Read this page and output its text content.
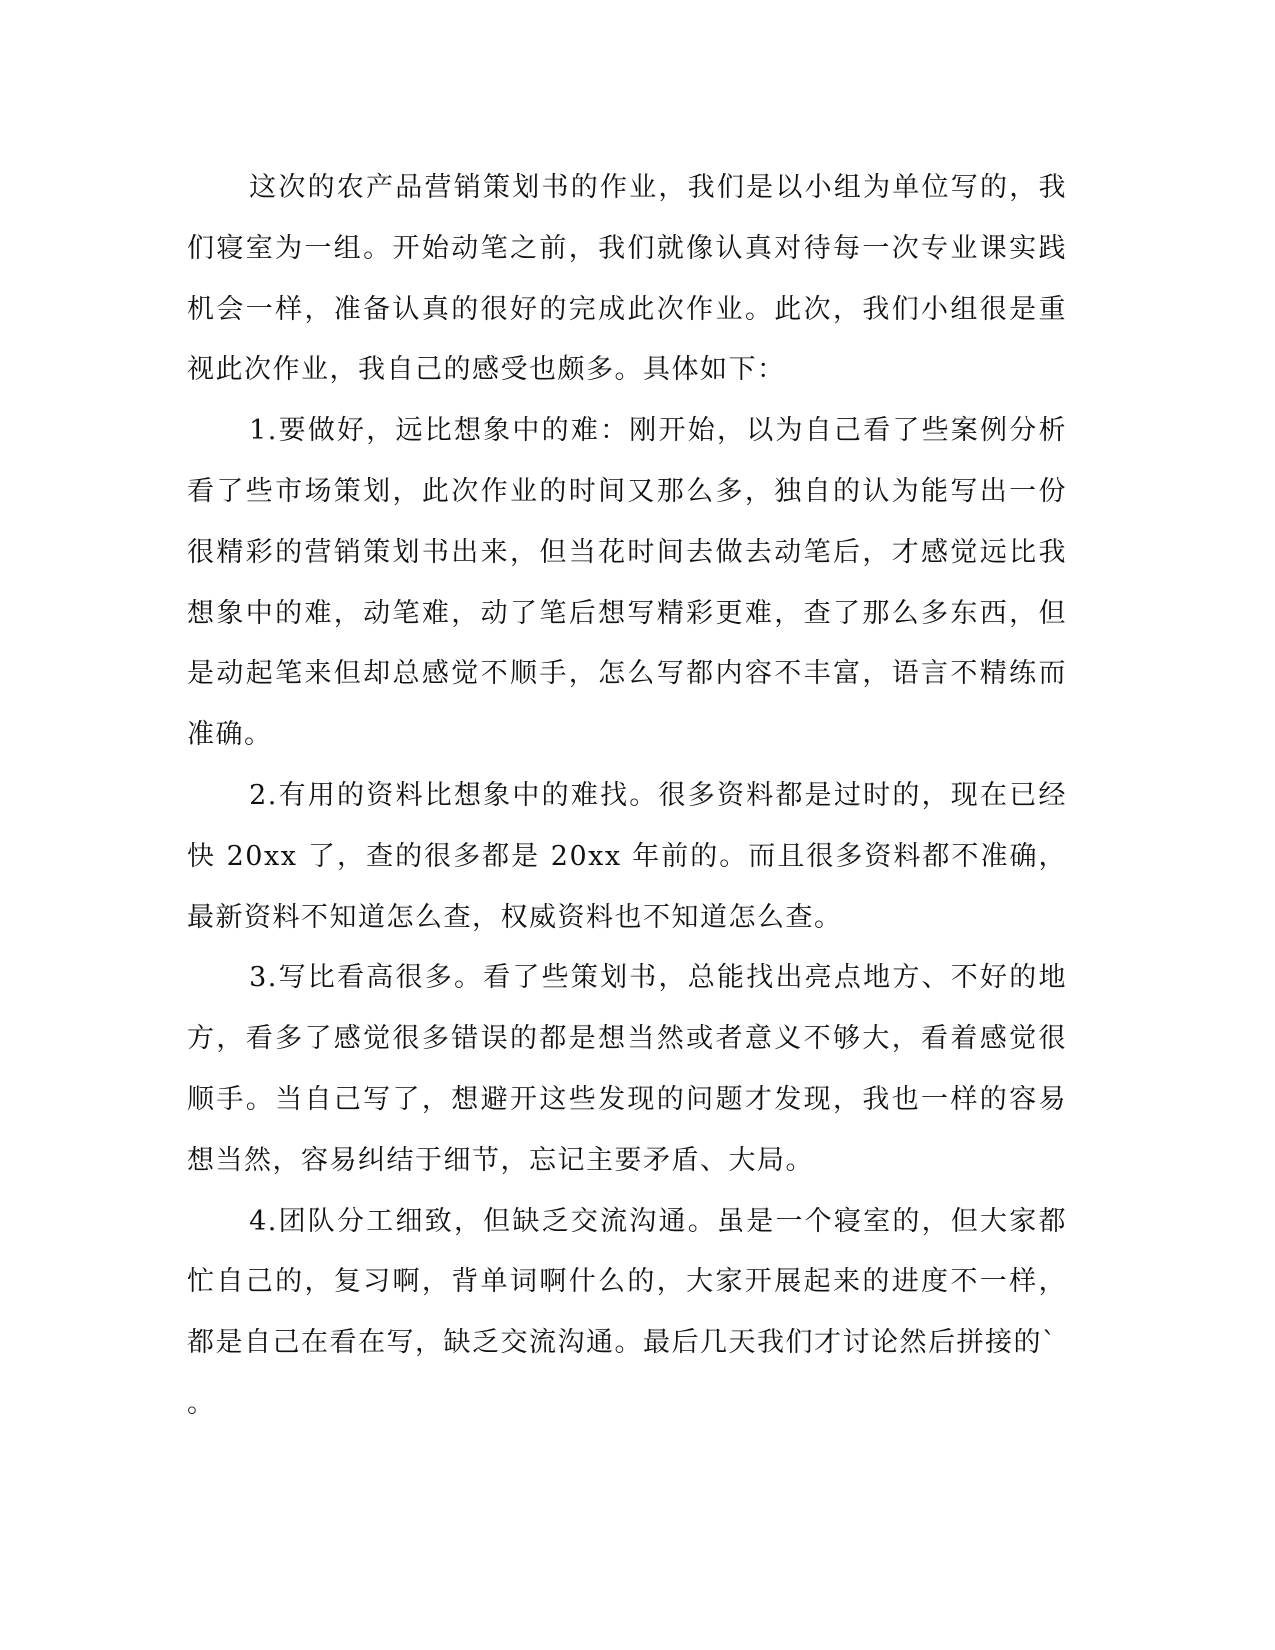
这次的农产品营销策划书的作业，我们是以小组为单位写的，我们寝室为一组。开始动笔之前，我们就像认真对待每一次专业课实践机会一样，准备认真的很好的完成此次作业。此次，我们小组很是重视此次作业，我自己的感受也颇多。具体如下：

1.要做好，远比想象中的难：刚开始，以为自己看了些案例分析看了些市场策划，此次作业的时间又那么多，独自的认为能写出一份很精彩的营销策划书出来，但当花时间去做去动笔后，才感觉远比我想象中的难，动笔难，动了笔后想写精彩更难，查了那么多东西，但是动起笔来但却总感觉不顺手，怎么写都内容不丰富，语言不精练而准确。

2.有用的资料比想象中的难找。很多资料都是过时的，现在已经快 20xx 了，查的很多都是 20xx 年前的。而且很多资料都不准确，最新资料不知道怎么查，权威资料也不知道怎么查。

3.写比看高很多。看了些策划书，总能找出亮点地方、不好的地方，看多了感觉很多错误的都是想当然或者意义不够大，看着感觉很顺手。当自己写了，想避开这些发现的问题才发现，我也一样的容易想当然，容易纠结于细节，忘记主要矛盾、大局。

4.团队分工细致，但缺乏交流沟通。虽是一个寝室的，但大家都忙自己的，复习啊，背单词啊什么的，大家开展起来的进度不一样，都是自己在看在写，缺乏交流沟通。最后几天我们才讨论然后拼接的`

。
